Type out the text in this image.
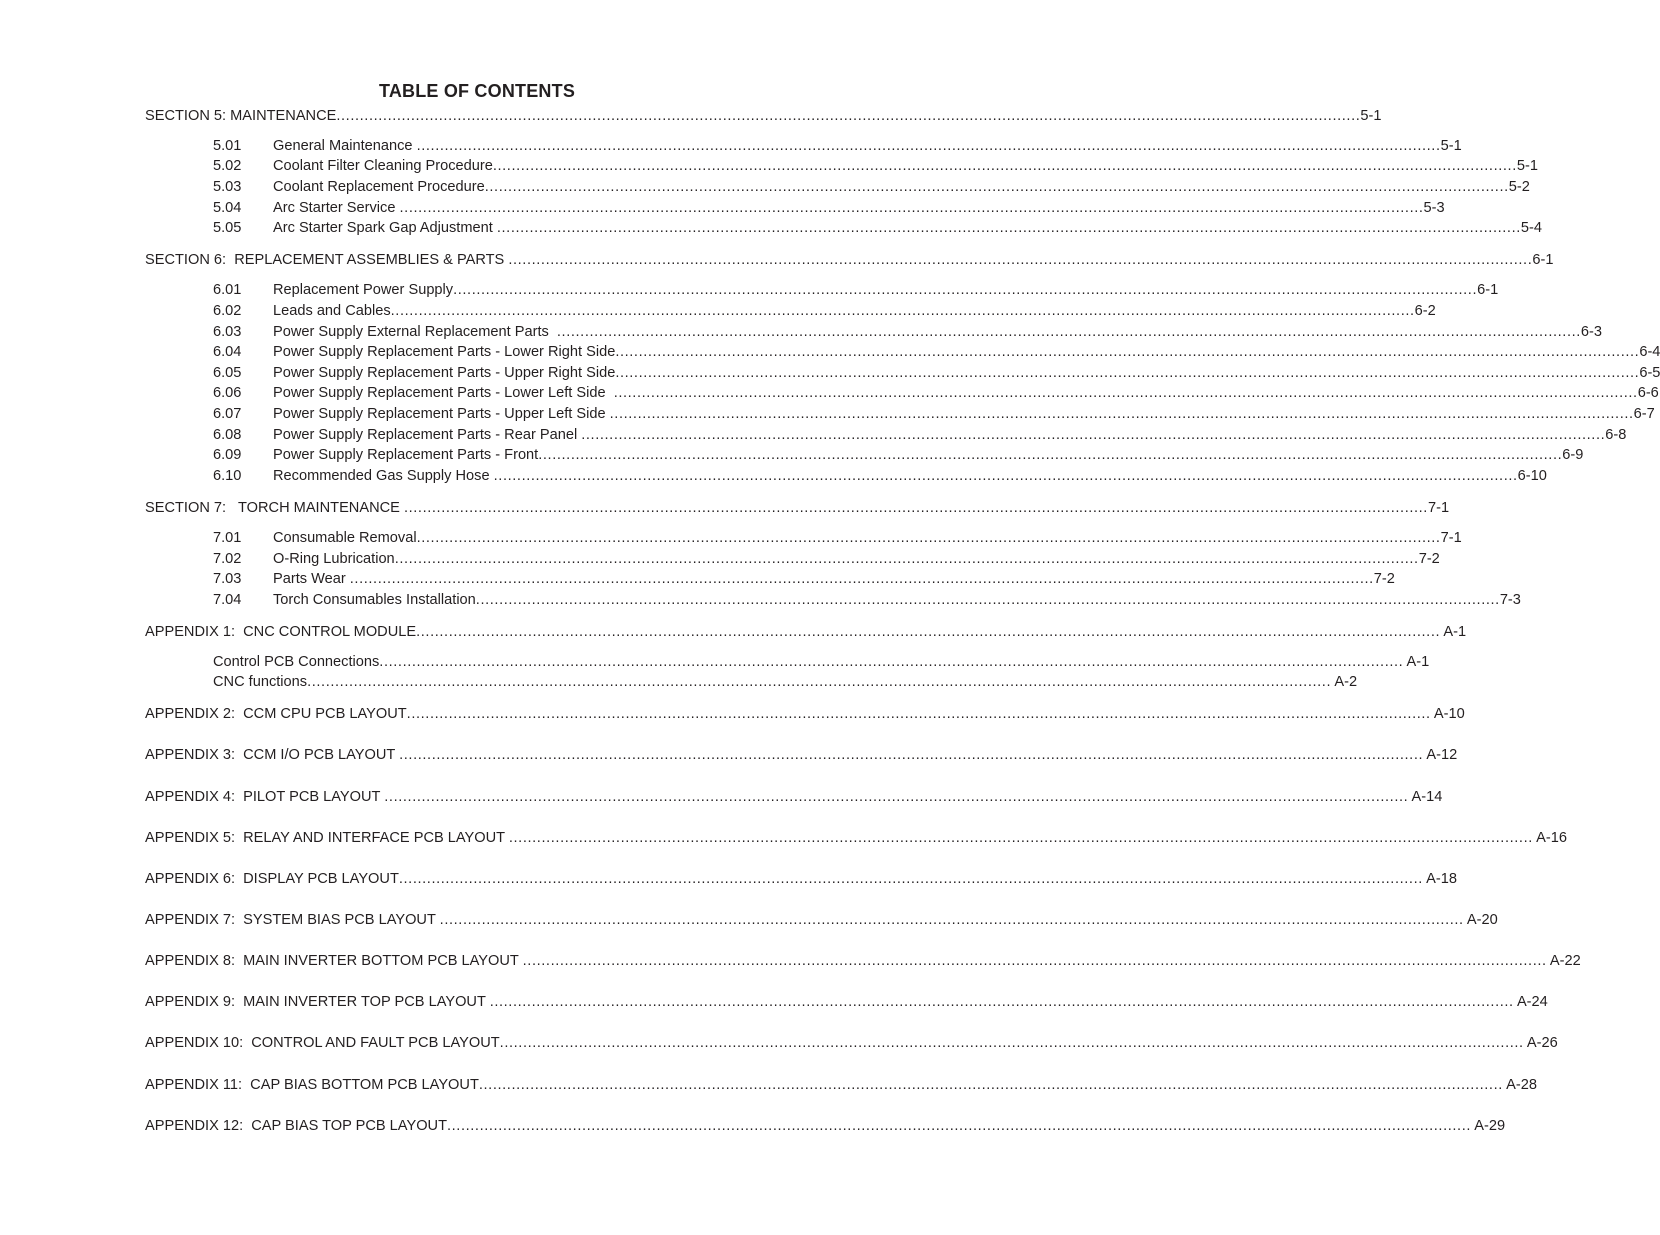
TABLE OF CONTENTS
SECTION 5: MAINTENANCE ............................................................................................................................................................................................................................ 5-1
5.01	General Maintenance ............................................................................................................................................................................................................................ 5-1
5.02	Coolant Filter Cleaning Procedure ............................................................................................................................................................................................................................ 5-1
5.03	Coolant Replacement Procedure ............................................................................................................................................................................................................................ 5-2
5.04	Arc Starter Service ............................................................................................................................................................................................................................ 5-3
5.05	Arc Starter Spark Gap Adjustment ............................................................................................................................................................................................................................ 5-4
SECTION 6:  REPLACEMENT ASSEMBLIES & PARTS ............................................................................................................................................................................................................................ 6-1
6.01	Replacement Power Supply ............................................................................................................................................................................................................................ 6-1
6.02	Leads and Cables ............................................................................................................................................................................................................................ 6-2
6.03	Power Supply External Replacement Parts ............................................................................................................................................................................................................................ 6-3
6.04	Power Supply Replacement Parts - Lower Right Side ............................................................................................................................................................................................................................ 6-4
6.05	Power Supply Replacement Parts - Upper Right Side ............................................................................................................................................................................................................................ 6-5
6.06	Power Supply Replacement Parts - Lower Left Side ............................................................................................................................................................................................................................ 6-6
6.07	Power Supply Replacement Parts - Upper Left Side ............................................................................................................................................................................................................................ 6-7
6.08	Power Supply Replacement Parts - Rear Panel ............................................................................................................................................................................................................................ 6-8
6.09	Power Supply Replacement Parts - Front ............................................................................................................................................................................................................................ 6-9
6.10	Recommended Gas Supply Hose ............................................................................................................................................................................................................................ 6-10
SECTION 7:   TORCH MAINTENANCE ............................................................................................................................................................................................................................ 7-1
7.01	Consumable Removal ............................................................................................................................................................................................................................ 7-1
7.02	O-Ring Lubrication ............................................................................................................................................................................................................................ 7-2
7.03	Parts Wear ............................................................................................................................................................................................................................ 7-2
7.04	Torch Consumables Installation ............................................................................................................................................................................................................................ 7-3
APPENDIX 1:  CNC CONTROL MODULE ............................................................................................................................................................................................................................ A-1
Control PCB Connections ............................................................................................................................................................................................................................ A-1
CNC functions ............................................................................................................................................................................................................................ A-2
APPENDIX 2:  CCM CPU PCB LAYOUT ............................................................................................................................................................................................................................ A-10
APPENDIX 3:  CCM I/O PCB LAYOUT ............................................................................................................................................................................................................................ A-12
APPENDIX 4:  PILOT PCB LAYOUT ............................................................................................................................................................................................................................ A-14
APPENDIX 5:  RELAY AND INTERFACE PCB LAYOUT ............................................................................................................................................................................................................................ A-16
APPENDIX 6:  DISPLAY PCB LAYOUT ............................................................................................................................................................................................................................ A-18
APPENDIX 7:  SYSTEM BIAS PCB LAYOUT ............................................................................................................................................................................................................................ A-20
APPENDIX 8:  MAIN INVERTER BOTTOM PCB LAYOUT ............................................................................................................................................................................................................................ A-22
APPENDIX 9:  MAIN INVERTER TOP PCB LAYOUT ............................................................................................................................................................................................................................ A-24
APPENDIX 10:  CONTROL AND FAULT PCB LAYOUT ............................................................................................................................................................................................................................ A-26
APPENDIX 11:  CAP BIAS BOTTOM PCB LAYOUT ............................................................................................................................................................................................................................ A-28
APPENDIX 12:  CAP BIAS TOP PCB LAYOUT ............................................................................................................................................................................................................................ A-29
